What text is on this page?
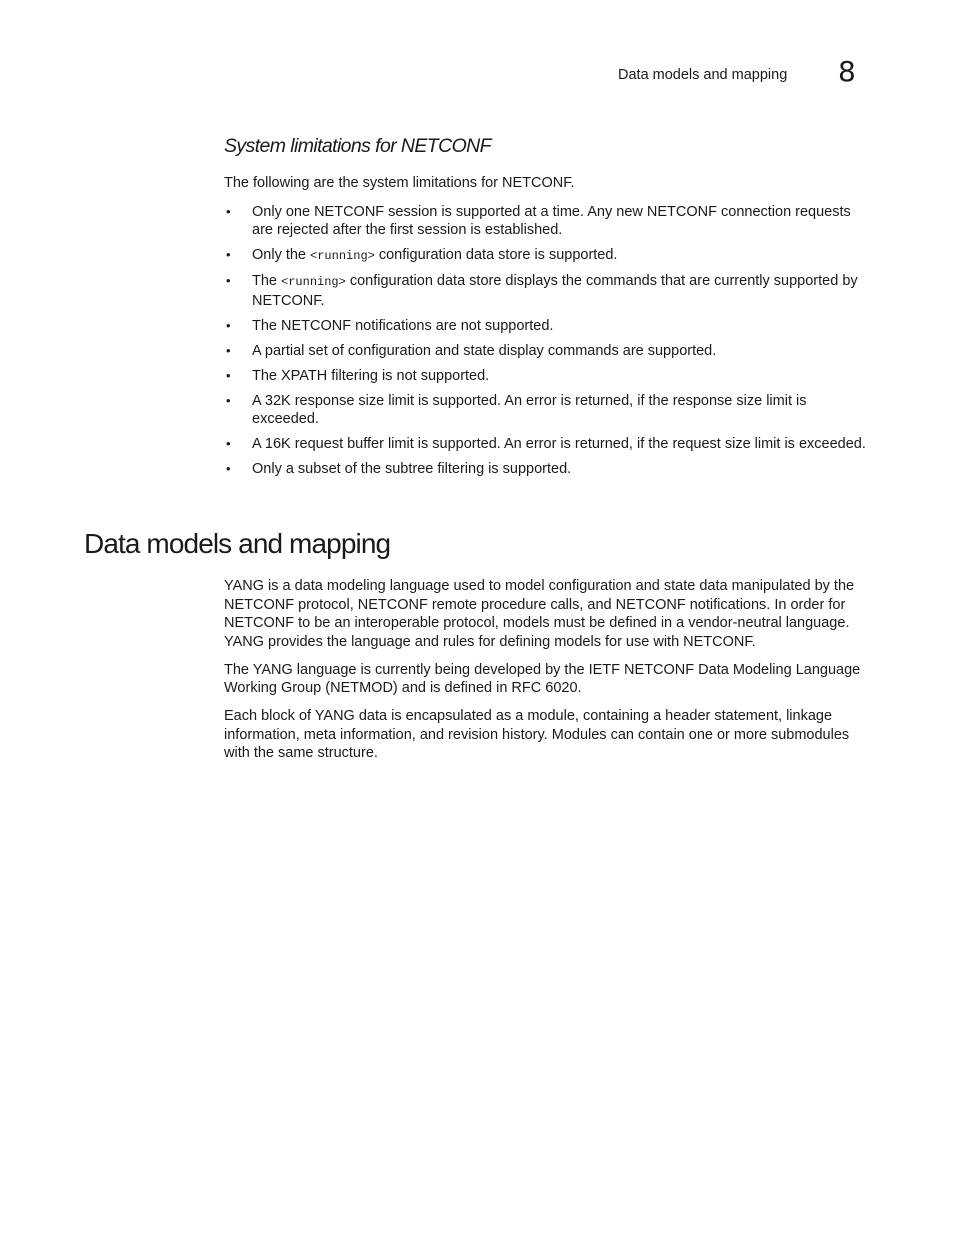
Data models and mapping 8
System limitations for NETCONF

The following are the system limitations for NETCONF.

• Only one NETCONF session is supported at a time. Any new NETCONF connection requests are rejected after the first session is established.
• Only the <running> configuration data store is supported.
• The <running> configuration data store displays the commands that are currently supported by NETCONF.
• The NETCONF notifications are not supported.
• A partial set of configuration and state display commands are supported.
• The XPATH filtering is not supported.
• A 32K response size limit is supported. An error is returned, if the response size limit is exceeded.
• A 16K request buffer limit is supported. An error is returned, if the request size limit is exceeded.
• Only a subset of the subtree filtering is supported.
Data models and mapping

YANG is a data modeling language used to model configuration and state data manipulated by the NETCONF protocol, NETCONF remote procedure calls, and NETCONF notifications. In order for NETCONF to be an interoperable protocol, models must be defined in a vendor-neutral language. YANG provides the language and rules for defining models for use with NETCONF.

The YANG language is currently being developed by the IETF NETCONF Data Modeling Language Working Group (NETMOD) and is defined in RFC 6020.

Each block of YANG data is encapsulated as a module, containing a header statement, linkage information, meta information, and revision history. Modules can contain one or more submodules with the same structure.
